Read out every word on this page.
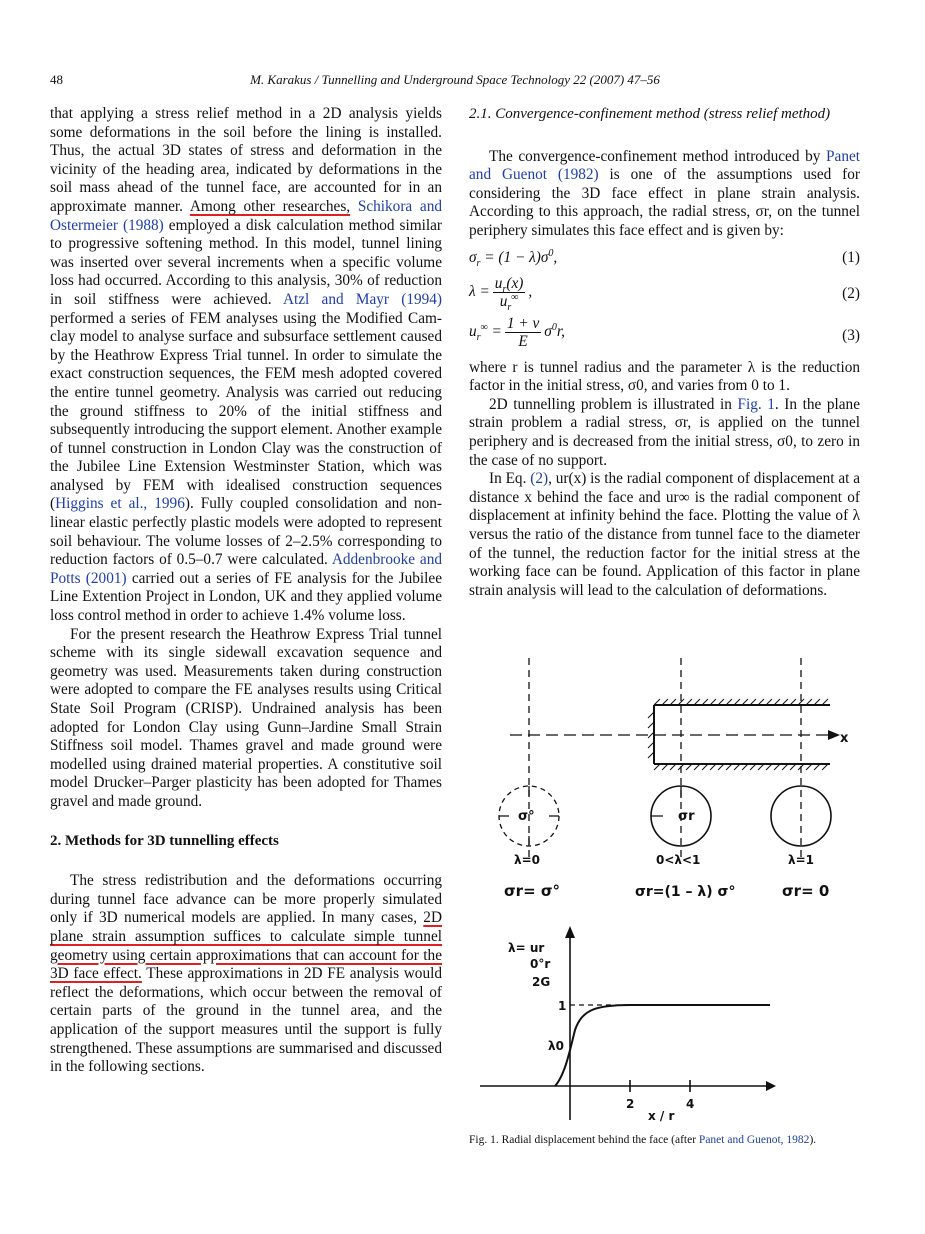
48	M. Karakus / Tunnelling and Underground Space Technology 22 (2007) 47–56

that applying a stress relief method in a 2D analysis yields some deformations in the soil before the lining is installed. Thus, the actual 3D states of stress and deformation in the vicinity of the heading area, indicated by deformations in the soil mass ahead of the tunnel face, are accounted for in an approximate manner. Among other researches, Schikora and Ostermeier (1988) employed a disk calculation method similar to progressive softening method. In this model, tunnel lining was inserted over several increments when a specific volume loss had occurred. According to this analysis, 30% of reduction in soil stiffness were achieved. Atzl and Mayr (1994) performed a series of FEM analyses using the Modified Cam-clay model to analyse surface and subsurface settlement caused by the Heathrow Express Trial tunnel. In order to simulate the exact construction sequences, the FEM mesh adopted covered the entire tunnel geometry. Analysis was carried out reducing the ground stiffness to 20% of the initial stiffness and subsequently introducing the support element. Another example of tunnel construction in London Clay was the construction of the Jubilee Line Extension Westminster Station, which was analysed by FEM with idealised construction sequences (Higgins et al., 1996). Fully coupled consolidation and non-linear elastic perfectly plastic models were adopted to represent soil behaviour. The volume losses of 2–2.5% corresponding to reduction factors of 0.5–0.7 were calculated. Addenbrooke and Potts (2001) carried out a series of FE analysis for the Jubilee Line Extention Project in London, UK and they applied volume loss control method in order to achieve 1.4% volume loss.

For the present research the Heathrow Express Trial tunnel scheme with its single sidewall excavation sequence and geometry was used. Measurements taken during construction were adopted to compare the FE analyses results using Critical State Soil Program (CRISP). Undrained analysis has been adopted for London Clay using Gunn–Jardine Small Strain Stiffness soil model. Thames gravel and made ground were modelled using drained material properties. A constitutive soil model Drucker–Parger plasticity has been adopted for Thames gravel and made ground.

2. Methods for 3D tunnelling effects

The stress redistribution and the deformations occurring during tunnel face advance can be more properly simulated only if 3D numerical models are applied. In many cases, 2D plane strain assumption suffices to calculate simple tunnel geometry using certain approximations that can account for the 3D face effect. These approximations in 2D FE analysis would reflect the deformations, which occur between the removal of certain parts of the ground in the tunnel area, and the application of the support measures until the support is fully strengthened. These assumptions are summarised and discussed in the following sections.

2.1. Convergence-confinement method (stress relief method)

The convergence-confinement method introduced by Panet and Guenot (1982) is one of the assumptions used for considering the 3D face effect in plane strain analysis. According to this approach, the radial stress, σr, on the tunnel periphery simulates this face effect and is given by:

$\sigma_r = (1 - \lambda)\sigma^0$,	(1)
$\lambda = \frac{u_r(x)}{u_r^\infty}$ ,	(2)
$u_r^\infty = \frac{1 + \nu}{E} \sigma^0r$,	(3)

where r is tunnel radius and the parameter λ is the reduction factor in the initial stress, σ0, and varies from 0 to 1.

2D tunnelling problem is illustrated in Fig. 1. In the plane strain problem a radial stress, σr, is applied on the tunnel periphery and is decreased from the initial stress, σ0, to zero in the case of no support.

In Eq. (2), ur(x) is the radial component of displacement at a distance x behind the face and ur∞ is the radial component of displacement at infinity behind the face. Plotting the value of λ versus the ratio of the distance from tunnel face to the diameter of the tunnel, the reduction factor for the initial stress at the working face can be found. Application of this factor in plane strain analysis will lead to the calculation of deformations.

x
σ°	σr
λ=0	0<λ<1	λ=1
σr= σ°	σr=(1 – λ) σ°	σr= 0
λ= ur
0°r
2G
1
λ0
2	4
x / r
Fig. 1. Radial displacement behind the face (after Panet and Guenot, 1982).
